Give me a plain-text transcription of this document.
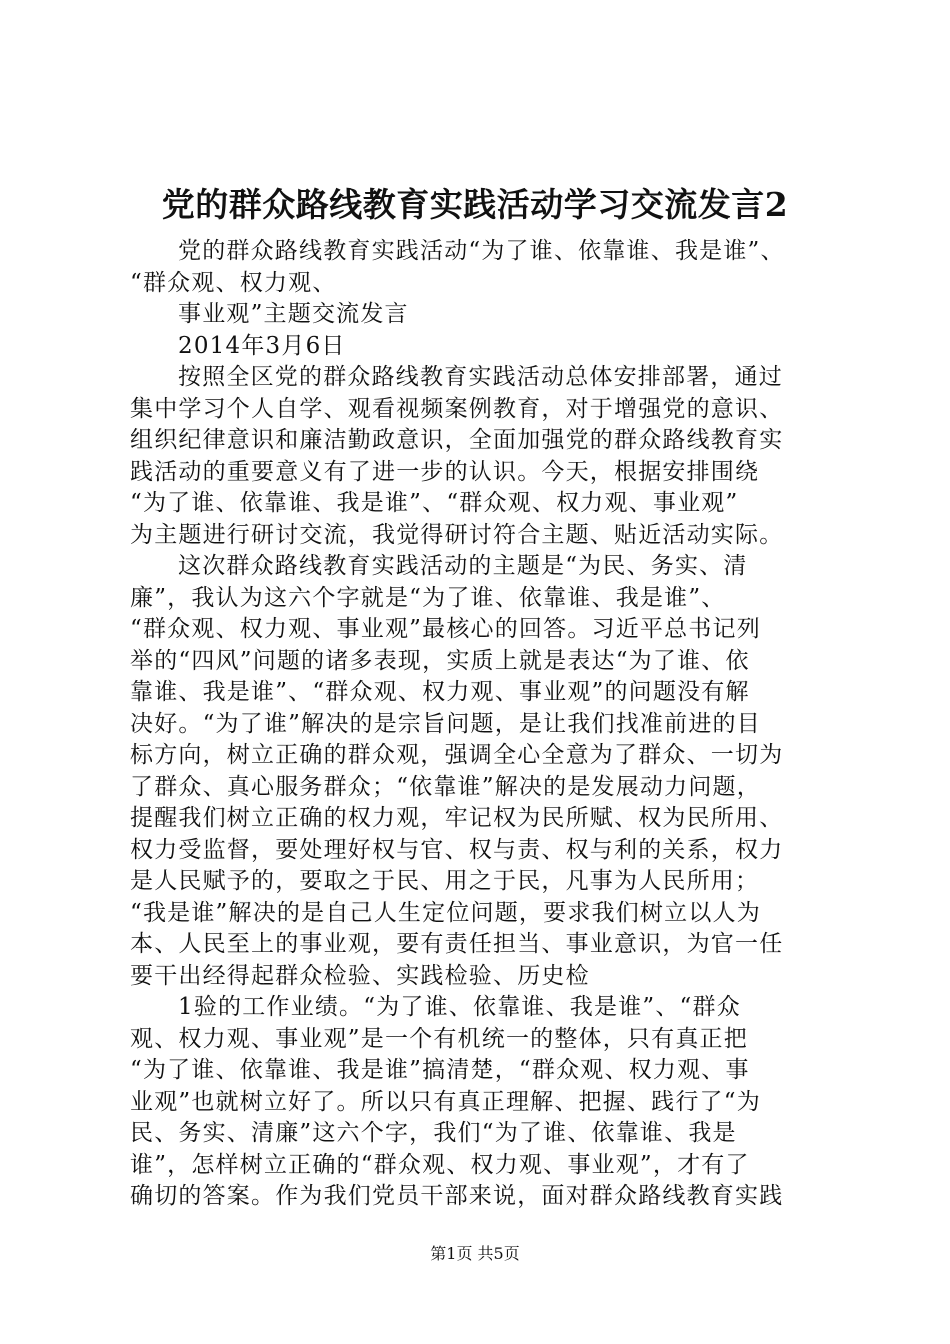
党的群众路线教育实践活动学习交流发言2
党的群众路线教育实践活动“为了谁、依靠谁、我是谁”、
“群众观、权力观、
事业观”主题交流发言
2014年3月6日
按照全区党的群众路线教育实践活动总体安排部署，通过
集中学习个人自学、观看视频案例教育，对于增强党的意识、
组织纪律意识和廉洁勤政意识，全面加强党的群众路线教育实
践活动的重要意义有了进一步的认识。今天，根据安排围绕
“为了谁、依靠谁、我是谁”、“群众观、权力观、事业观”
为主题进行研讨交流，我觉得研讨符合主题、贴近活动实际。
这次群众路线教育实践活动的主题是“为民、务实、清
廉”，我认为这六个字就是“为了谁、依靠谁、我是谁”、
“群众观、权力观、事业观”最核心的回答。习近平总书记列
举的“四风”问题的诸多表现，实质上就是表达“为了谁、依
靠谁、我是谁”、“群众观、权力观、事业观”的问题没有解
决好。“为了谁”解决的是宗旨问题，是让我们找准前进的目
标方向，树立正确的群众观，强调全心全意为了群众、一切为
了群众、真心服务群众；“依靠谁”解决的是发展动力问题，
提醒我们树立正确的权力观，牢记权为民所赋、权为民所用、
权力受监督，要处理好权与官、权与责、权与利的关系，权力
是人民赋予的，要取之于民、用之于民，凡事为人民所用；
“我是谁”解决的是自己人生定位问题，要求我们树立以人为
本、人民至上的事业观，要有责任担当、事业意识，为官一任
要干出经得起群众检验、实践检验、历史检
1验的工作业绩。“为了谁、依靠谁、我是谁”、“群众
观、权力观、事业观”是一个有机统一的整体，只有真正把
“为了谁、依靠谁、我是谁”搞清楚，“群众观、权力观、事
业观”也就树立好了。所以只有真正理解、把握、践行了“为
民、务实、清廉”这六个字，我们“为了谁、依靠谁、我是
谁”，怎样树立正确的“群众观、权力观、事业观”，才有了
确切的答案。作为我们党员干部来说，面对群众路线教育实践
第1页 共5页
